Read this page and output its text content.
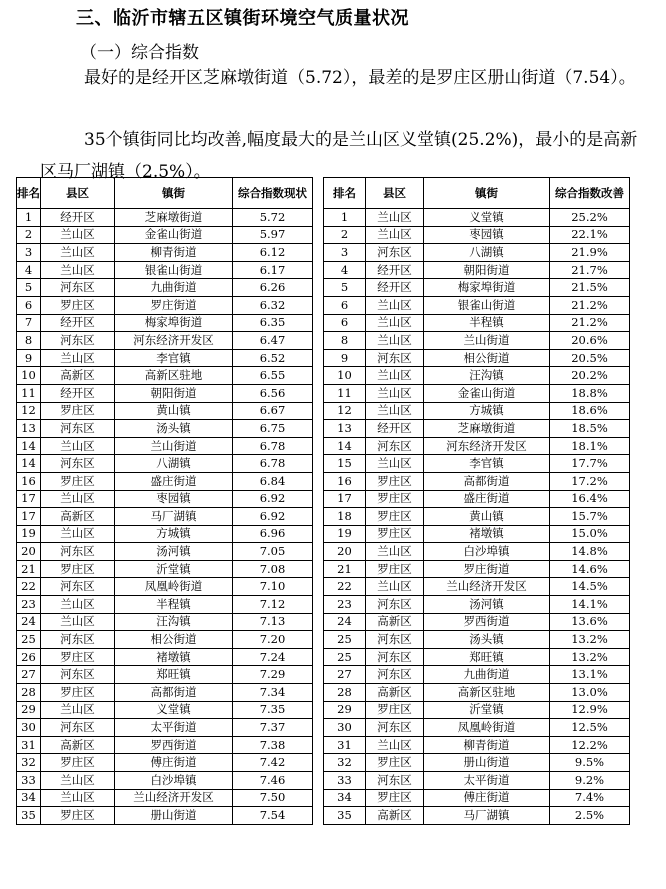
三、临沂市辖五区镇街环境空气质量状况
（一）综合指数
最好的是经开区芝麻墩街道（5.72），最差的是罗庄区册山街道（7.54）。
35个镇街同比均改善,幅度最大的是兰山区义堂镇(25.2%)，最小的是高新区马厂湖镇（2.5%）。
排名	县区	镇街	综合指数现状
1	经开区	芝麻墩街道	5.72
2	兰山区	金雀山街道	5.97
3	兰山区	柳青街道	6.12
4	兰山区	银雀山街道	6.17
5	河东区	九曲街道	6.26
6	罗庄区	罗庄街道	6.32
7	经开区	梅家埠街道	6.35
8	河东区	河东经济开发区	6.47
9	兰山区	李官镇	6.52
10	高新区	高新区驻地	6.55
11	经开区	朝阳街道	6.56
12	罗庄区	黄山镇	6.67
13	河东区	汤头镇	6.75
14	兰山区	兰山街道	6.78
14	河东区	八湖镇	6.78
16	罗庄区	盛庄街道	6.84
17	兰山区	枣园镇	6.92
17	高新区	马厂湖镇	6.92
19	兰山区	方城镇	6.96
20	河东区	汤河镇	7.05
21	罗庄区	沂堂镇	7.08
22	河东区	凤凰岭街道	7.10
23	兰山区	半程镇	7.12
24	兰山区	汪沟镇	7.13
25	河东区	相公街道	7.20
26	罗庄区	褚墩镇	7.24
27	河东区	郑旺镇	7.29
28	罗庄区	高都街道	7.34
29	兰山区	义堂镇	7.35
30	河东区	太平街道	7.37
31	高新区	罗西街道	7.38
32	罗庄区	傅庄街道	7.42
33	兰山区	白沙埠镇	7.46
34	兰山区	兰山经济开发区	7.50
35	罗庄区	册山街道	7.54
排名	县区	镇街	综合指数改善
1	兰山区	义堂镇	25.2%
2	兰山区	枣园镇	22.1%
3	河东区	八湖镇	21.9%
4	经开区	朝阳街道	21.7%
5	经开区	梅家埠街道	21.5%
6	兰山区	银雀山街道	21.2%
6	兰山区	半程镇	21.2%
8	兰山区	兰山街道	20.6%
9	河东区	相公街道	20.5%
10	兰山区	汪沟镇	20.2%
11	兰山区	金雀山街道	18.8%
12	兰山区	方城镇	18.6%
13	经开区	芝麻墩街道	18.5%
14	河东区	河东经济开发区	18.1%
15	兰山区	李官镇	17.7%
16	罗庄区	高都街道	17.2%
17	罗庄区	盛庄街道	16.4%
18	罗庄区	黄山镇	15.7%
19	罗庄区	褚墩镇	15.0%
20	兰山区	白沙埠镇	14.8%
21	罗庄区	罗庄街道	14.6%
22	兰山区	兰山经济开发区	14.5%
23	河东区	汤河镇	14.1%
24	高新区	罗西街道	13.6%
25	河东区	汤头镇	13.2%
25	河东区	郑旺镇	13.2%
27	河东区	九曲街道	13.1%
28	高新区	高新区驻地	13.0%
29	罗庄区	沂堂镇	12.9%
30	河东区	凤凰岭街道	12.5%
31	兰山区	柳青街道	12.2%
32	罗庄区	册山街道	9.5%
33	河东区	太平街道	9.2%
34	罗庄区	傅庄街道	7.4%
35	高新区	马厂湖镇	2.5%
